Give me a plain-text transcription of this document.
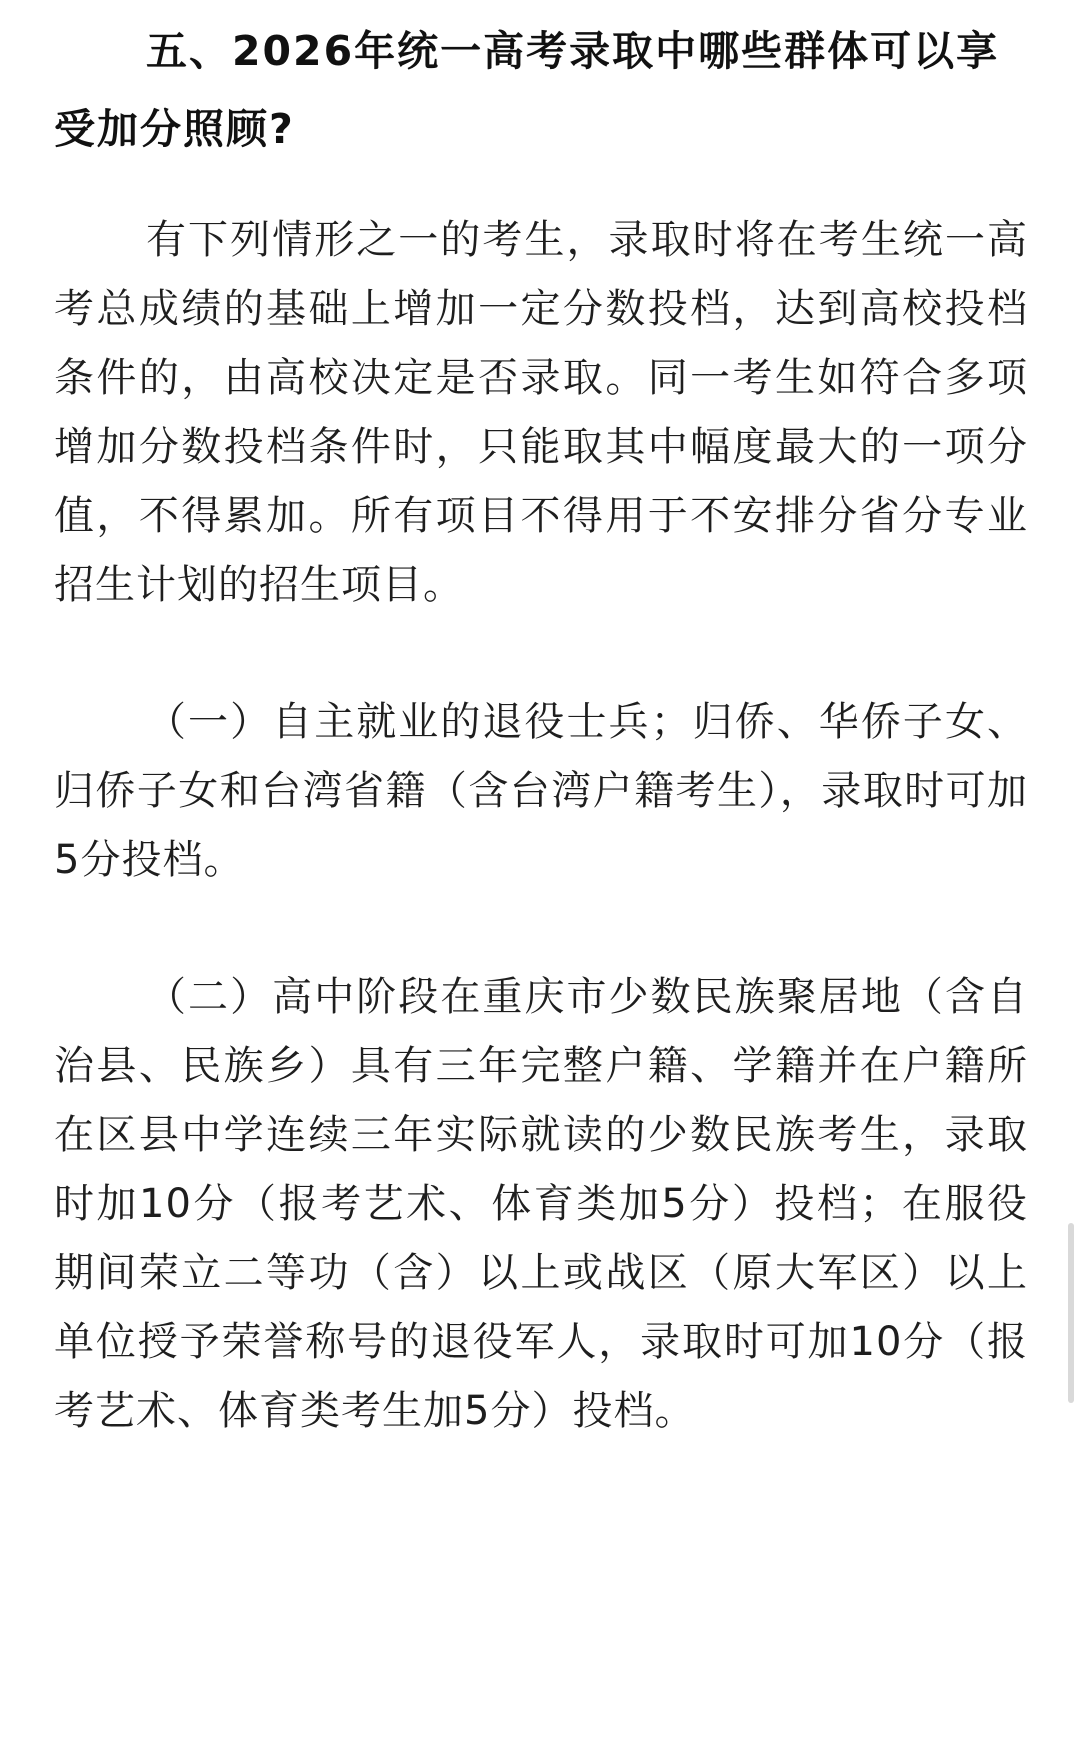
五、2026年统一高考录取中哪些群体可以享受加分照顾?

有下列情形之一的考生，录取时将在考生统一高考总成绩的基础上增加一定分数投档，达到高校投档条件的，由高校决定是否录取。同一考生如符合多项增加分数投档条件时，只能取其中幅度最大的一项分值，不得累加。所有项目不得用于不安排分省分专业招生计划的招生项目。

（一）自主就业的退役士兵；归侨、华侨子女、归侨子女和台湾省籍（含台湾户籍考生），录取时可加5分投档。

（二）高中阶段在重庆市少数民族聚居地（含自治县、民族乡）具有三年完整户籍、学籍并在户籍所在区县中学连续三年实际就读的少数民族考生，录取时加10分（报考艺术、体育类加5分）投档；在服役期间荣立二等功（含）以上或战区（原大军区）以上单位授予荣誉称号的退役军人，录取时可加10分（报考艺术、体育类考生加5分）投档。
